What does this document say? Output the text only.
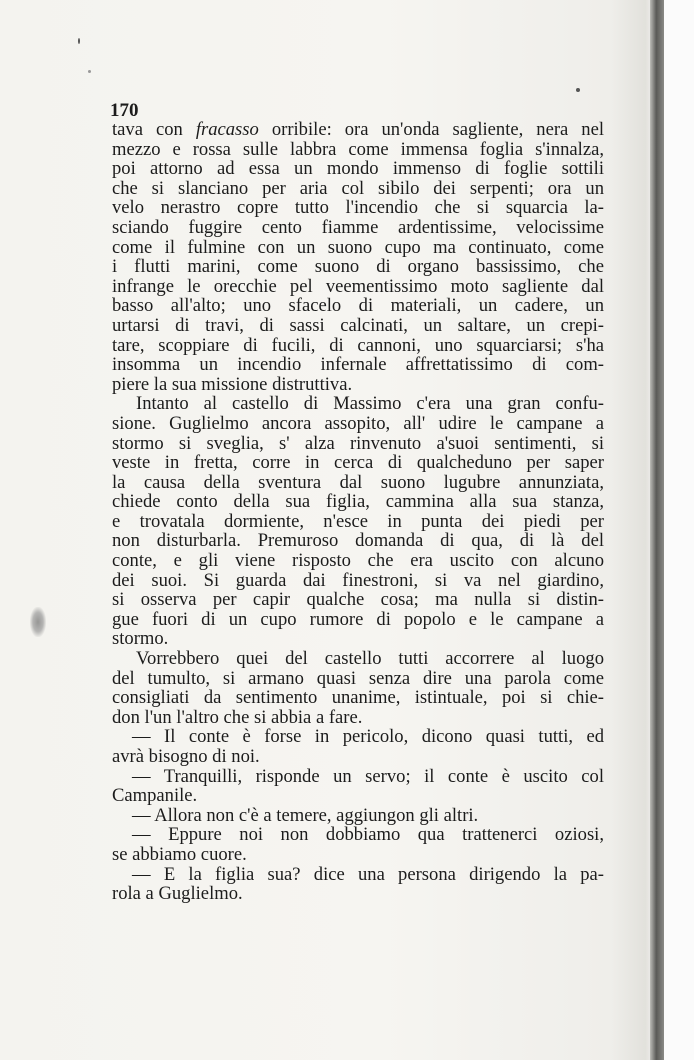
170
tava con fracasso orribile: ora un'onda sagliente, nera nel
mezzo e rossa sulle labbra come immensa foglia s'innalza,
poi attorno ad essa un mondo immenso di foglie sottili
che si slanciano per aria col sibilo dei serpenti; ora un
velo nerastro copre tutto l'incendio che si squarcia la-
sciando fuggire cento fiamme ardentissime, velocissime
come il fulmine con un suono cupo ma continuato, come
i flutti marini, come suono di organo bassissimo, che
infrange le orecchie pel veementissimo moto sagliente dal
basso all'alto; uno sfacelo di materiali, un cadere, un
urtarsi di travi, di sassi calcinati, un saltare, un crepi-
tare, scoppiare di fucili, di cannoni, uno squarciarsi; s'ha
insomma un incendio infernale affrettatissimo di com-
piere la sua missione distruttiva.
Intanto al castello di Massimo c'era una gran confu-
sione. Guglielmo ancora assopito, all' udire le campane a
stormo si sveglia, s' alza rinvenuto a'suoi sentimenti, si
veste in fretta, corre in cerca di qualcheduno per saper
la causa della sventura dal suono lugubre annunziata,
chiede conto della sua figlia, cammina alla sua stanza,
e trovatala dormiente, n'esce in punta dei piedi per
non disturbarla. Premuroso domanda di qua, di là del
conte, e gli viene risposto che era uscito con alcuno
dei suoi. Si guarda dai finestroni, si va nel giardino,
si osserva per capir qualche cosa; ma nulla si distin-
gue fuori di un cupo rumore di popolo e le campane a
stormo.
Vorrebbero quei del castello tutti accorrere al luogo
del tumulto, si armano quasi senza dire una parola come
consigliati da sentimento unanime, istintuale, poi si chie-
don l'un l'altro che si abbia a fare.
— Il conte è forse in pericolo, dicono quasi tutti, ed
avrà bisogno di noi.
— Tranquilli, risponde un servo; il conte è uscito col
Campanile.
— Allora non c'è a temere, aggiungon gli altri.
— Eppure noi non dobbiamo qua trattenerci oziosi,
se abbiamo cuore.
— E la figlia sua? dice una persona dirigendo la pa-
rola a Guglielmo.
